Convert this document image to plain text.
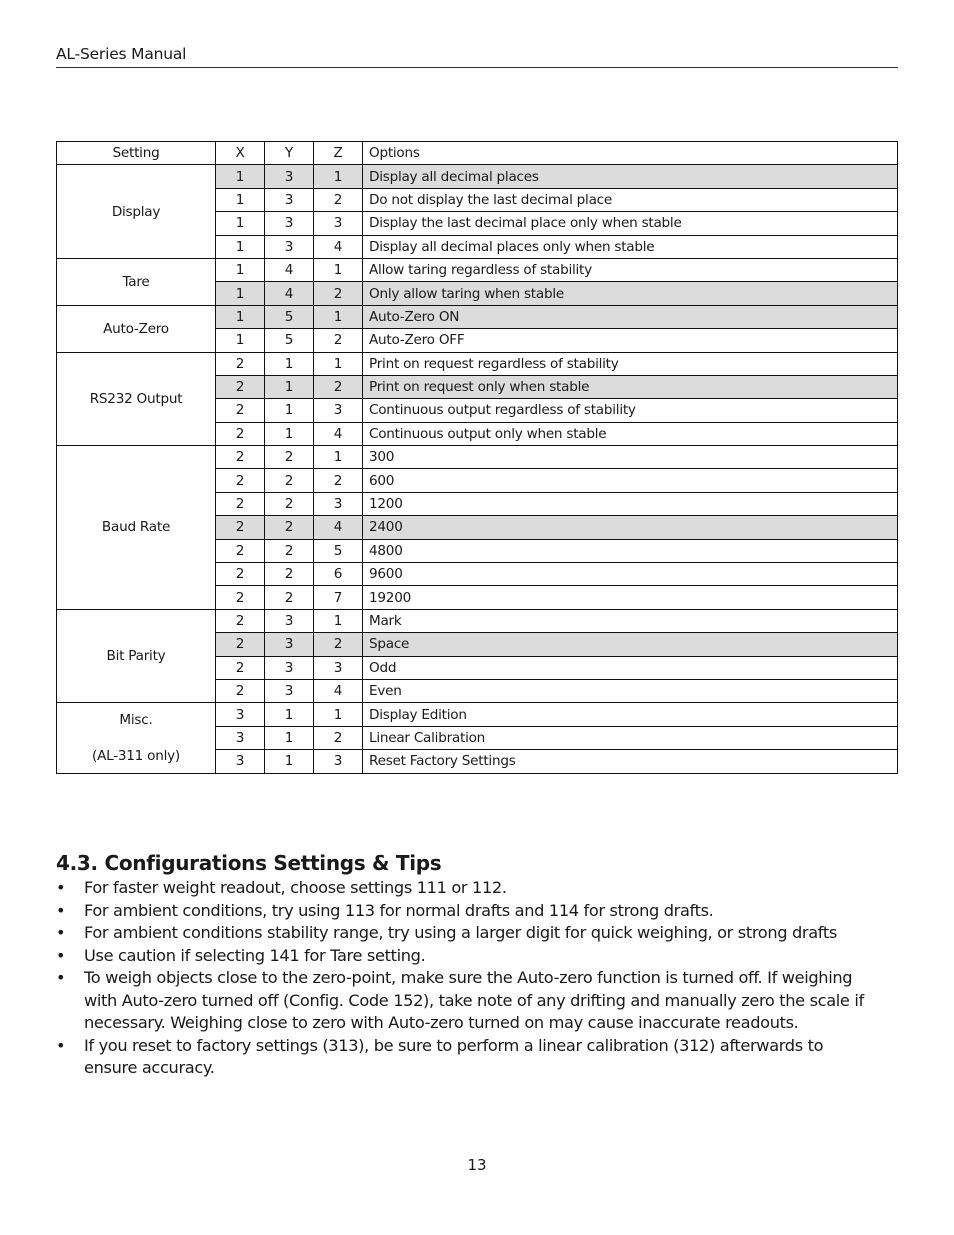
AL-Series Manual
Setting	X	Y	Z	Options
Display	1	3	1	Display all decimal places
	1	3	2	Do not display the last decimal place
	1	3	3	Display the last decimal place only when stable
	1	3	4	Display all decimal places only when stable
Tare	1	4	1	Allow taring regardless of stability
	1	4	2	Only allow taring when stable
Auto-Zero	1	5	1	Auto-Zero ON
	1	5	2	Auto-Zero OFF
RS232 Output	2	1	1	Print on request regardless of stability
	2	1	2	Print on request only when stable
	2	1	3	Continuous output regardless of stability
	2	1	4	Continuous output only when stable
Baud Rate	2	2	1	300
	2	2	2	600
	2	2	3	1200
	2	2	4	2400
	2	2	5	4800
	2	2	6	9600
	2	2	7	19200
Bit Parity	2	3	1	Mark
	2	3	2	Space
	2	3	3	Odd
	2	3	4	Even

Misc.
(AL-311 only)	3	1	1	Display Edition
	3	1	2	Linear Calibration
	3	1	3	Reset Factory Settings
4.3. Configurations Settings & Tips
• For faster weight readout, choose settings 111 or 112.
• For ambient conditions, try using 113 for normal drafts and 114 for strong drafts.
• For ambient conditions stability range, try using a larger digit for quick weighing, or strong drafts
• Use caution if selecting 141 for Tare setting.
• To weigh objects close to the zero-point, make sure the Auto-zero function is turned off. If weighing with Auto-zero turned off (Config. Code 152), take note of any drifting and manually zero the scale if necessary. Weighing close to zero with Auto-zero turned on may cause inaccurate readouts.
• If you reset to factory settings (313), be sure to perform a linear calibration (312) afterwards to ensure accuracy.
13
